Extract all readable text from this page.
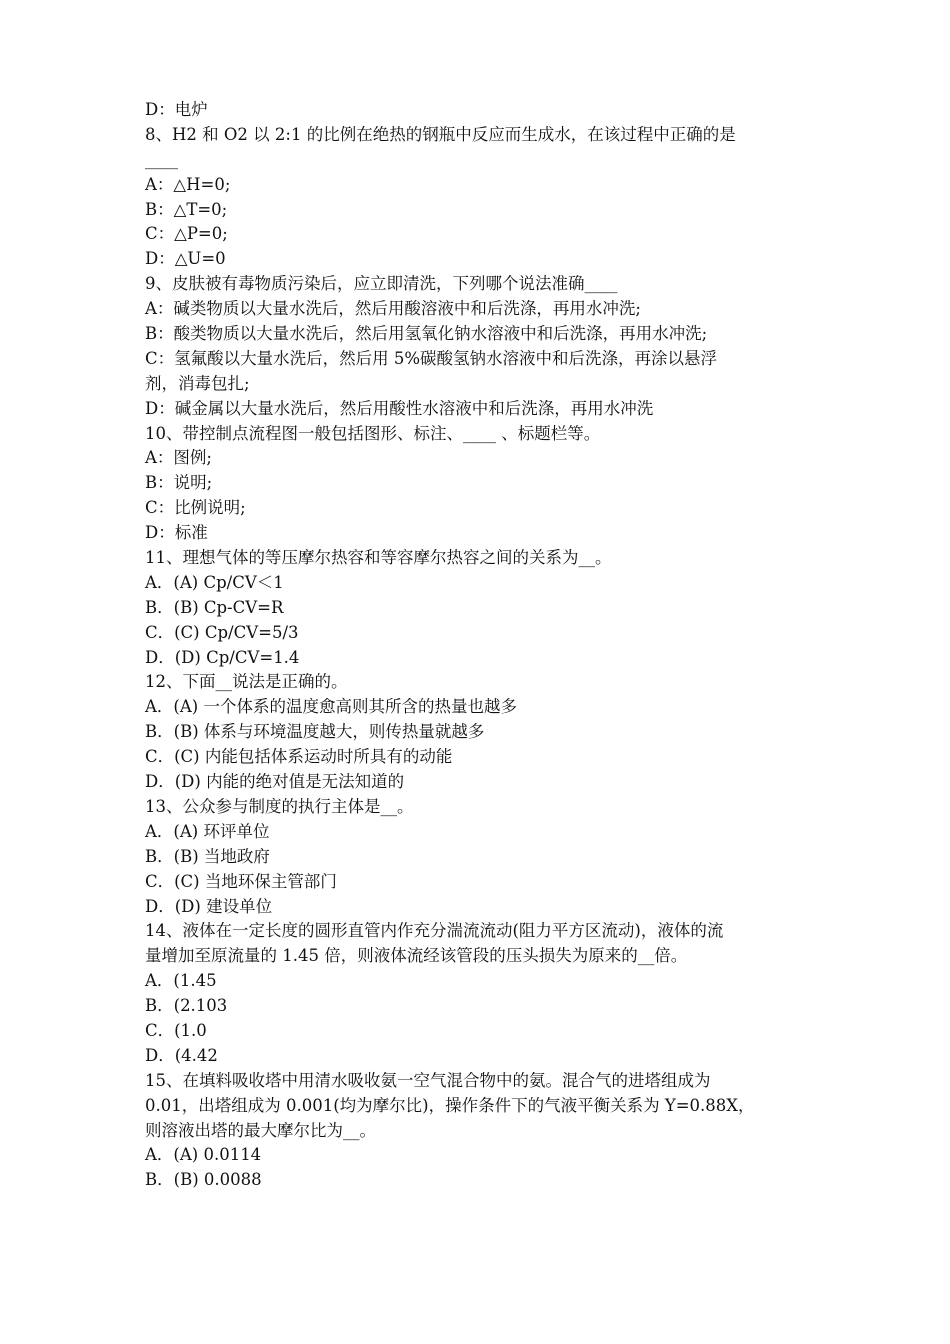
D：电炉
8、H2 和 O2 以 2:1 的比例在绝热的钢瓶中反应而生成水，在该过程中正确的是
____
A：△H=0;
B：△T=0;
C：△P=0;
D：△U=0
9、皮肤被有毒物质污染后，应立即清洗，下列哪个说法准确____
A：碱类物质以大量水洗后，然后用酸溶液中和后洗涤，再用水冲洗;
B：酸类物质以大量水洗后，然后用氢氧化钠水溶液中和后洗涤，再用水冲洗;
C：氢氟酸以大量水洗后，然后用 5%碳酸氢钠水溶液中和后洗涤，再涂以悬浮
剂，消毒包扎;
D：碱金属以大量水洗后，然后用酸性水溶液中和后洗涤，再用水冲洗
10、带控制点流程图一般包括图形、标注、____ 、标题栏等。
A：图例;
B：说明;
C：比例说明;
D：标准
11、理想气体的等压摩尔热容和等容摩尔热容之间的关系为__。
A．(A) Cp/CV＜1
B．(B) Cp-CV=R
C．(C) Cp/CV=5/3
D．(D) Cp/CV=1.4
12、下面__说法是正确的。
A．(A) 一个体系的温度愈高则其所含的热量也越多
B．(B) 体系与环境温度越大，则传热量就越多
C．(C) 内能包括体系运动时所具有的动能
D．(D) 内能的绝对值是无法知道的
13、公众参与制度的执行主体是__。
A．(A) 环评单位
B．(B) 当地政府
C．(C) 当地环保主管部门
D．(D) 建设单位
14、液体在一定长度的圆形直管内作充分湍流流动(阻力平方区流动)，液体的流
量增加至原流量的 1.45 倍，则液体流经该管段的压头损失为原来的__倍。
A．(1.45
B．(2.103
C．(1.0
D．(4.42
15、在填料吸收塔中用清水吸收氨一空气混合物中的氨。混合气的进塔组成为
0.01，出塔组成为 0.001(均为摩尔比)，操作条件下的气液平衡关系为 Y=0.88X，
则溶液出塔的最大摩尔比为__。
A．(A) 0.0114
B．(B) 0.0088
